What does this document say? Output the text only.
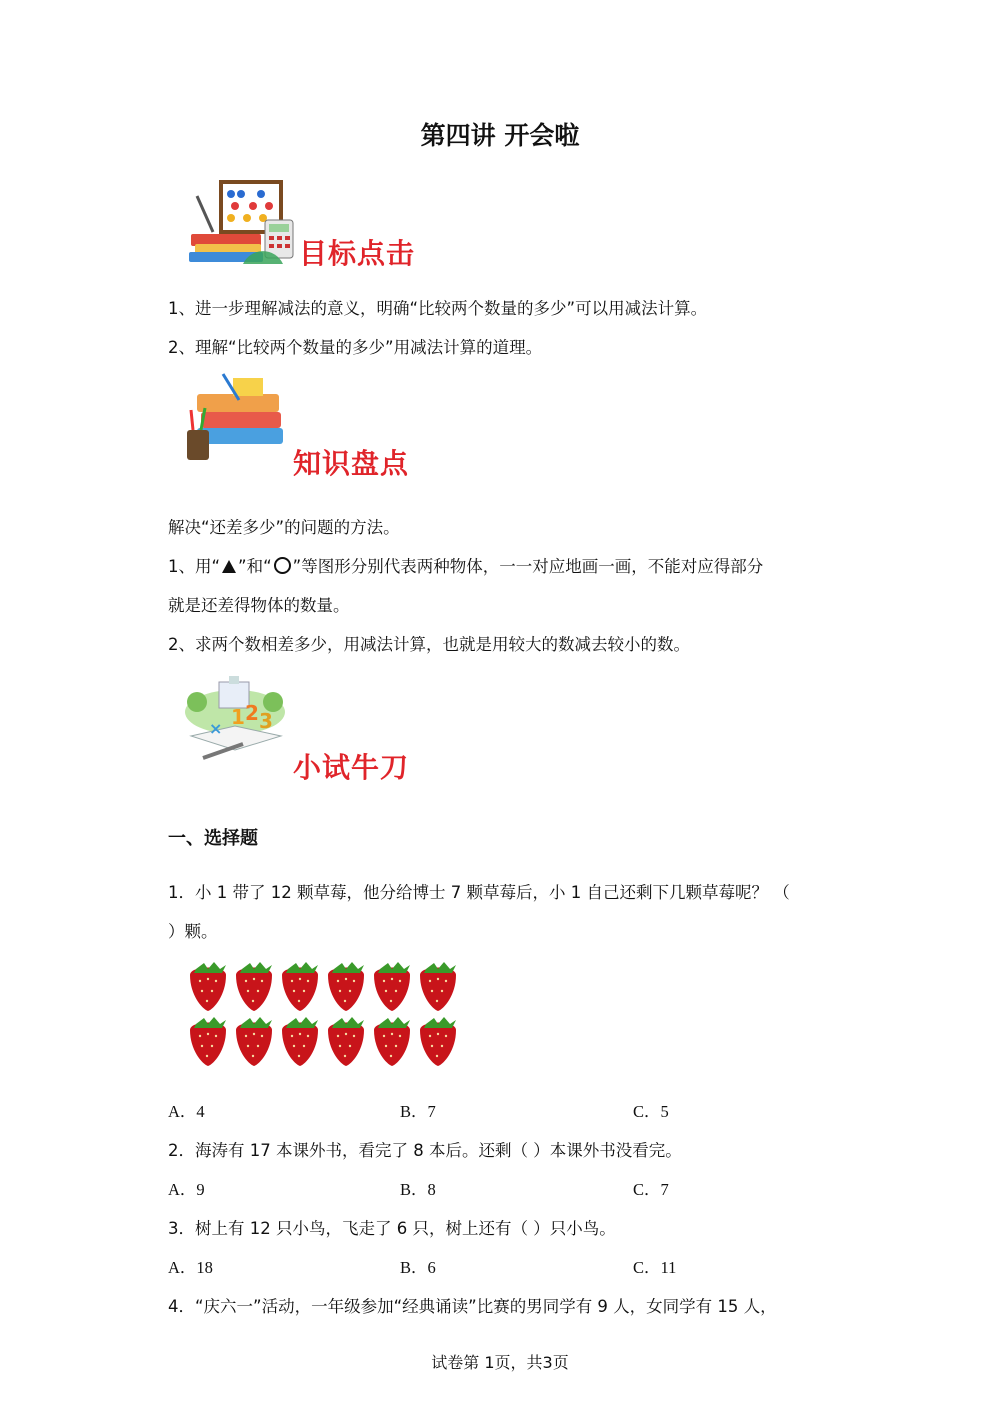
第四讲 开会啦
目标点击
1、进一步理解减法的意义，明确“比较两个数量的多少”可以用减法计算。
2、理解“比较两个数量的多少”用减法计算的道理。
知识盘点
解决“还差多少”的问题的方法。
1、用“ ”和“ ”等图形分别代表两种物体，一一对应地画一画，不能对应得部分
就是还差得物体的数量。
2、求两个数相差多少，用减法计算，也就是用较大的数减去较小的数。
1 2 3
×
小试牛刀
一、选择题
1．小 1 带了 12 颗草莓，他分给博士 7 颗草莓后，小 1 自己还剩下几颗草莓呢？ （
）颗。
A．4	B．7	C．5
2．海涛有 17 本课外书，看完了 8 本后。还剩（ ）本课外书没看完。
A．9	B．8	C．7
3．树上有 12 只小鸟，飞走了 6 只，树上还有（ ）只小鸟。
A．18	B．6	C．11
4．“庆六一”活动，一年级参加“经典诵读”比赛的男同学有 9 人，女同学有 15 人，
试卷第 1页，共3页
